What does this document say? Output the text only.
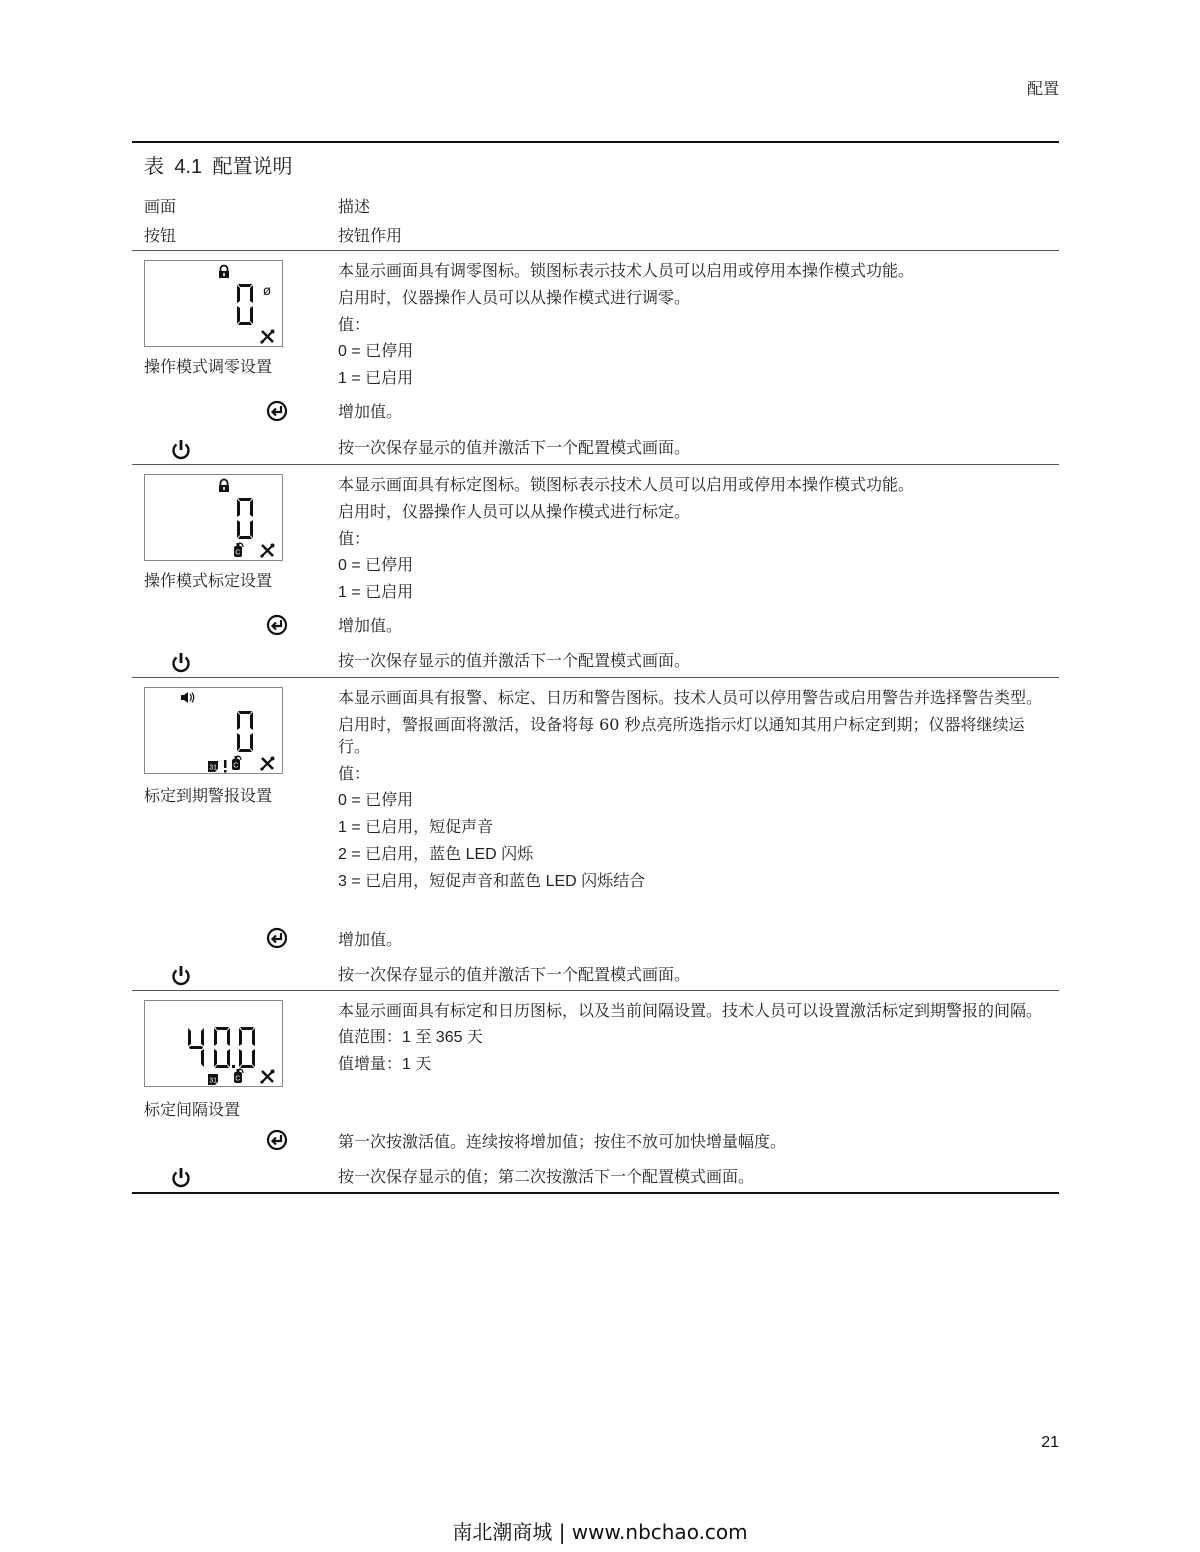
配置
表 4.1 配置说明
画面
按钮
描述
按钮作用
ø
操作模式调零设置

本显示画面具有调零图标。锁图标表示技术人员可以启用或停用本操作模式功能。

启用时，仪器操作人员可以从操作模式进行调零。

值：

0 = 已停用

1 = 已启用

增加值。
按一次保存显示的值并激活下一个配置模式画面。
操作模式标定设置

本显示画面具有标定图标。锁图标表示技术人员可以启用或停用本操作模式功能。

启用时，仪器操作人员可以从操作模式进行标定。

值：

0 = 已停用

1 = 已启用

增加值。
按一次保存显示的值并激活下一个配置模式画面。
标定到期警报设置

本显示画面具有报警、标定、日历和警告图标。技术人员可以停用警告或启用警告并选择警告类型。

启用时，警报画面将激活，设备将每 60 秒点亮所选指示灯以通知其用户标定到期；仪器将继续运行。

值：

0 = 已停用

1 = 已启用，短促声音

2 = 已启用，蓝色 LED 闪烁

3 = 已启用，短促声音和蓝色 LED 闪烁结合

增加值。
按一次保存显示的值并激活下一个配置模式画面。
标定间隔设置

本显示画面具有标定和日历图标，以及当前间隔设置。技术人员可以设置激活标定到期警报的间隔。

值范围：1 至 365 天

值增量：1 天

第一次按激活值。连续按将增加值；按住不放可加快增量幅度。
按一次保存显示的值；第二次按激活下一个配置模式画面。
21
南北潮商城 | www.nbchao.com
